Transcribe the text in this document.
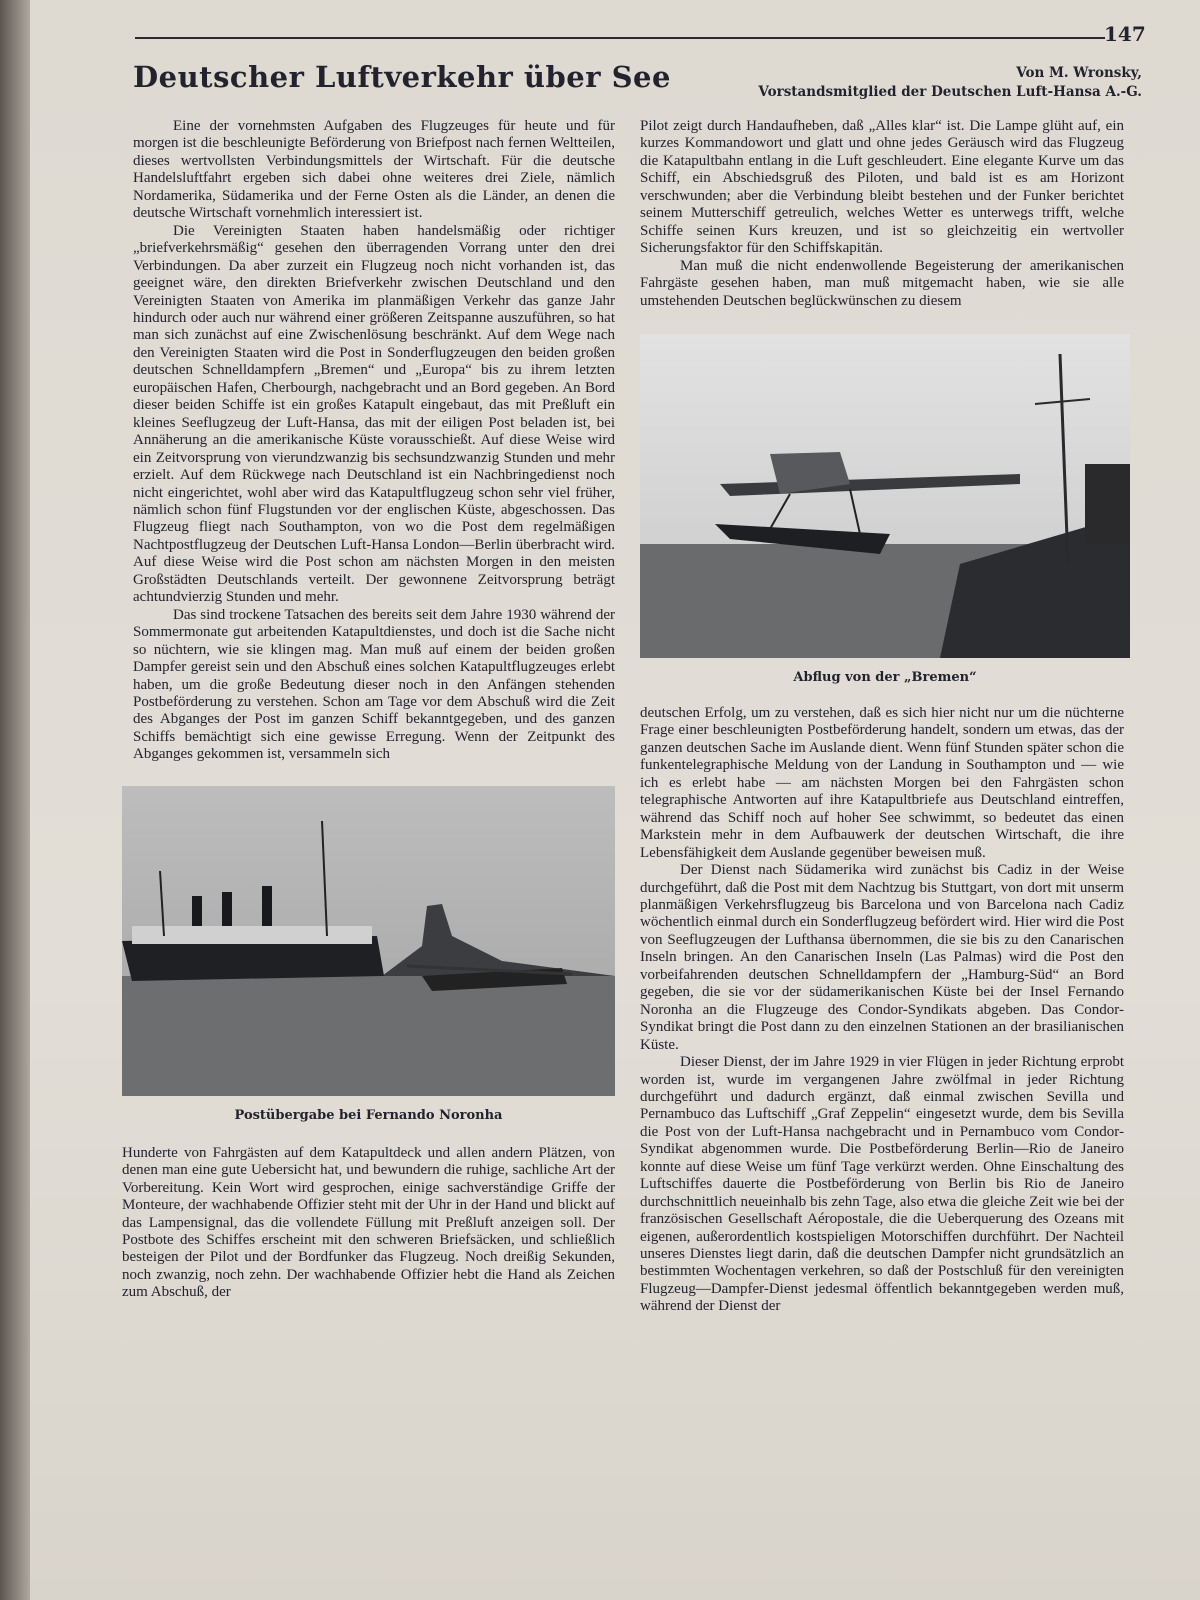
147
Deutscher Luftverkehr über See	Von M. Wronsky,
Vorstandsmitglied der Deutschen Luft-Hansa A.-G.

Eine der vornehmsten Aufgaben des Flugzeuges für heute und für morgen ist die beschleunigte Beförderung von Briefpost nach fernen Weltteilen, dieses wertvollsten Verbindungsmittels der Wirtschaft. Für die deutsche Handelsluftfahrt ergeben sich dabei ohne weiteres drei Ziele, nämlich Nordamerika, Südamerika und der Ferne Osten als die Länder, an denen die deutsche Wirtschaft vornehmlich interessiert ist.

Die Vereinigten Staaten haben handelsmäßig oder richtiger „briefverkehrsmäßig“ gesehen den überragenden Vorrang unter den drei Verbindungen. Da aber zurzeit ein Flugzeug noch nicht vorhanden ist, das geeignet wäre, den direkten Briefverkehr zwischen Deutschland und den Vereinigten Staaten von Amerika im planmäßigen Verkehr das ganze Jahr hindurch oder auch nur während einer größeren Zeitspanne auszuführen, so hat man sich zunächst auf eine Zwischenlösung beschränkt. Auf dem Wege nach den Vereinigten Staaten wird die Post in Sonderflugzeugen den beiden großen deutschen Schnelldampfern „Bremen“ und „Europa“ bis zu ihrem letzten europäischen Hafen, Cherbourgh, nachgebracht und an Bord gegeben. An Bord dieser beiden Schiffe ist ein großes Katapult eingebaut, das mit Preßluft ein kleines Seeflugzeug der Luft-Hansa, das mit der eiligen Post beladen ist, bei Annäherung an die amerikanische Küste vorausschießt. Auf diese Weise wird ein Zeitvorsprung von vierundzwanzig bis sechsundzwanzig Stunden und mehr erzielt. Auf dem Rückwege nach Deutschland ist ein Nachbringedienst noch nicht eingerichtet, wohl aber wird das Katapultflugzeug schon sehr viel früher, nämlich schon fünf Flugstunden vor der englischen Küste, abgeschossen. Das Flugzeug fliegt nach Southampton, von wo die Post dem regelmäßigen Nachtpostflugzeug der Deutschen Luft-Hansa London—Berlin überbracht wird. Auf diese Weise wird die Post schon am nächsten Morgen in den meisten Großstädten Deutschlands verteilt. Der gewonnene Zeitvorsprung beträgt achtundvierzig Stunden und mehr.

Das sind trockene Tatsachen des bereits seit dem Jahre 1930 während der Sommermonate gut arbeitenden Katapultdienstes, und doch ist die Sache nicht so nüchtern, wie sie klingen mag. Man muß auf einem der beiden großen Dampfer gereist sein und den Abschuß eines solchen Katapultflugzeuges erlebt haben, um die große Bedeutung dieser noch in den Anfängen stehenden Postbeförderung zu verstehen. Schon am Tage vor dem Abschuß wird die Zeit des Abganges der Post im ganzen Schiff bekanntgegeben, und des ganzen Schiffs bemächtigt sich eine gewisse Erregung. Wenn der Zeitpunkt des Abganges gekommen ist, versammeln sich

Postübergabe bei Fernando Noronha

Hunderte von Fahrgästen auf dem Katapultdeck und allen andern Plätzen, von denen man eine gute Uebersicht hat, und bewundern die ruhige, sachliche Art der Vorbereitung. Kein Wort wird gesprochen, einige sachverständige Griffe der Monteure, der wachhabende Offizier steht mit der Uhr in der Hand und blickt auf das Lampensignal, das die vollendete Füllung mit Preßluft anzeigen soll. Der Postbote des Schiffes erscheint mit den schweren Briefsäcken, und schließlich besteigen der Pilot und der Bordfunker das Flugzeug. Noch dreißig Sekunden, noch zwanzig, noch zehn. Der wachhabende Offizier hebt die Hand als Zeichen zum Abschuß, der

Pilot zeigt durch Handaufheben, daß „Alles klar“ ist. Die Lampe glüht auf, ein kurzes Kommandowort und glatt und ohne jedes Geräusch wird das Flugzeug die Katapultbahn entlang in die Luft geschleudert. Eine elegante Kurve um das Schiff, ein Abschiedsgruß des Piloten, und bald ist es am Horizont verschwunden; aber die Verbindung bleibt bestehen und der Funker berichtet seinem Mutterschiff getreulich, welches Wetter es unterwegs trifft, welche Schiffe seinen Kurs kreuzen, und ist so gleichzeitig ein wertvoller Sicherungsfaktor für den Schiffskapitän.

Man muß die nicht endenwollende Begeisterung der amerikanischen Fahrgäste gesehen haben, man muß mitgemacht haben, wie sie alle umstehenden Deutschen beglückwünschen zu diesem

Abflug von der „Bremen“

deutschen Erfolg, um zu verstehen, daß es sich hier nicht nur um die nüchterne Frage einer beschleunigten Postbeförderung handelt, sondern um etwas, das der ganzen deutschen Sache im Auslande dient. Wenn fünf Stunden später schon die funkentelegraphische Meldung von der Landung in Southampton und — wie ich es erlebt habe — am nächsten Morgen bei den Fahrgästen schon telegraphische Antworten auf ihre Katapultbriefe aus Deutschland eintreffen, während das Schiff noch auf hoher See schwimmt, so bedeutet das einen Markstein mehr in dem Aufbauwerk der deutschen Wirtschaft, die ihre Lebensfähigkeit dem Auslande gegenüber beweisen muß.

Der Dienst nach Südamerika wird zunächst bis Cadiz in der Weise durchgeführt, daß die Post mit dem Nachtzug bis Stuttgart, von dort mit unserm planmäßigen Verkehrsflugzeug bis Barcelona und von Barcelona nach Cadiz wöchentlich einmal durch ein Sonderflugzeug befördert wird. Hier wird die Post von Seeflugzeugen der Lufthansa übernommen, die sie bis zu den Canarischen Inseln bringen. An den Canarischen Inseln (Las Palmas) wird die Post den vorbeifahrenden deutschen Schnelldampfern der „Hamburg-Süd“ an Bord gegeben, die sie vor der südamerikanischen Küste bei der Insel Fernando Noronha an die Flugzeuge des Condor-Syndikats abgeben. Das Condor-Syndikat bringt die Post dann zu den einzelnen Stationen an der brasilianischen Küste.

Dieser Dienst, der im Jahre 1929 in vier Flügen in jeder Richtung erprobt worden ist, wurde im vergangenen Jahre zwölfmal in jeder Richtung durchgeführt und dadurch ergänzt, daß einmal zwischen Sevilla und Pernambuco das Luftschiff „Graf Zeppelin“ eingesetzt wurde, dem bis Sevilla die Post von der Luft-Hansa nachgebracht und in Pernambuco vom Condor-Syndikat abgenommen wurde. Die Postbeförderung Berlin—Rio de Janeiro konnte auf diese Weise um fünf Tage verkürzt werden. Ohne Einschaltung des Luftschiffes dauerte die Postbeförderung von Berlin bis Rio de Janeiro durchschnittlich neueinhalb bis zehn Tage, also etwa die gleiche Zeit wie bei der französischen Gesellschaft Aéropostale, die die Ueberquerung des Ozeans mit eigenen, außerordentlich kostspieligen Motorschiffen durchführt. Der Nachteil unseres Dienstes liegt darin, daß die deutschen Dampfer nicht grundsätzlich an bestimmten Wochentagen verkehren, so daß der Postschluß für den vereinigten Flugzeug—Dampfer-Dienst jedesmal öffentlich bekanntgegeben werden muß, während der Dienst der
